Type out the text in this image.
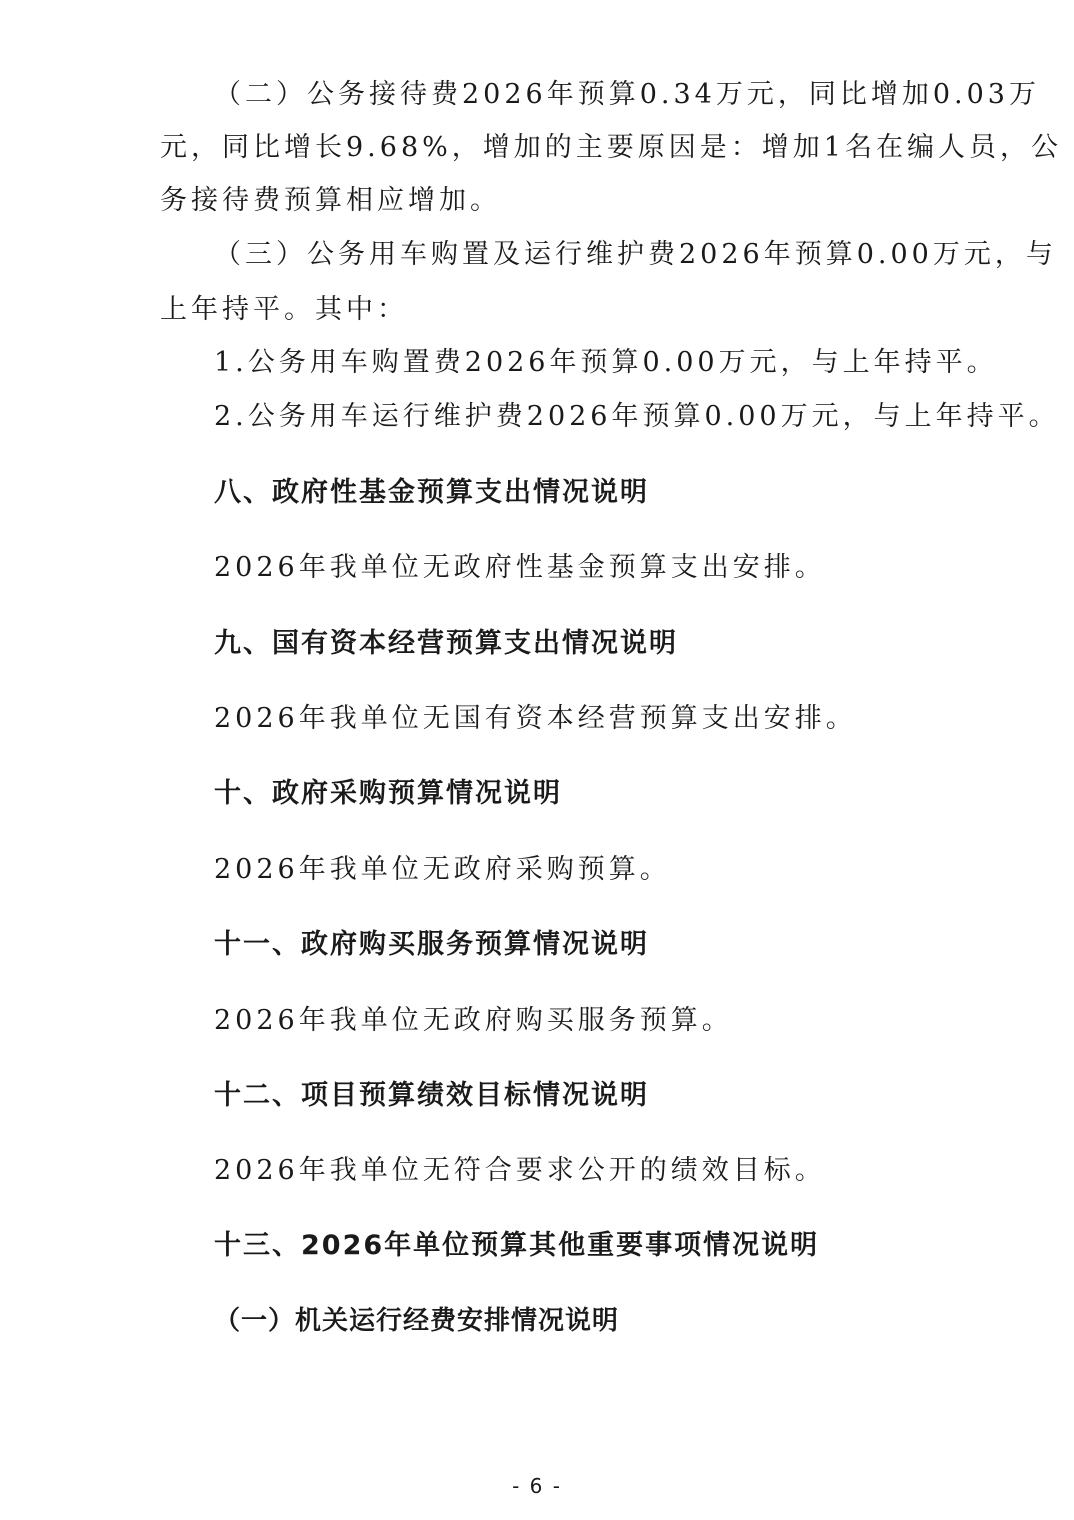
（二）公务接待费2026年预算0.34万元，同比增加0.03万
元，同比增长9.68%，增加的主要原因是：增加1名在编人员，公
务接待费预算相应增加。
（三）公务用车购置及运行维护费2026年预算0.00万元，与
上年持平。其中：
1.公务用车购置费2026年预算0.00万元，与上年持平。
2.公务用车运行维护费2026年预算0.00万元，与上年持平。
八、政府性基金预算支出情况说明
2026年我单位无政府性基金预算支出安排。
九、国有资本经营预算支出情况说明
2026年我单位无国有资本经营预算支出安排。
十、政府采购预算情况说明
2026年我单位无政府采购预算。
十一、政府购买服务预算情况说明
2026年我单位无政府购买服务预算。
十二、项目预算绩效目标情况说明
2026年我单位无符合要求公开的绩效目标。
十三、2026年单位预算其他重要事项情况说明
（一）机关运行经费安排情况说明
- 6 -
